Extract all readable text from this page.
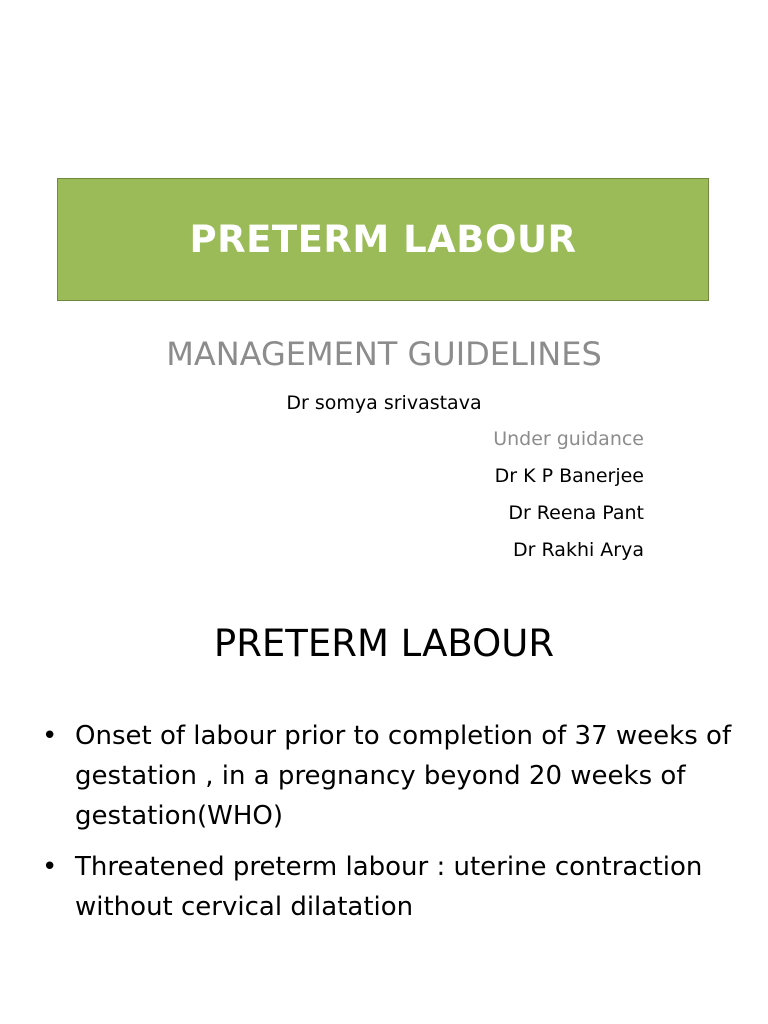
PRETERM LABOUR
MANAGEMENT GUIDELINES
Dr somya srivastava
Under guidance
Dr K P Banerjee
Dr Reena Pant
Dr Rakhi Arya
PRETERM LABOUR
• Onset of labour prior to completion of 37 weeks of gestation , in a pregnancy beyond 20 weeks of gestation(WHO)
• Threatened preterm labour : uterine contraction without cervical dilatation
